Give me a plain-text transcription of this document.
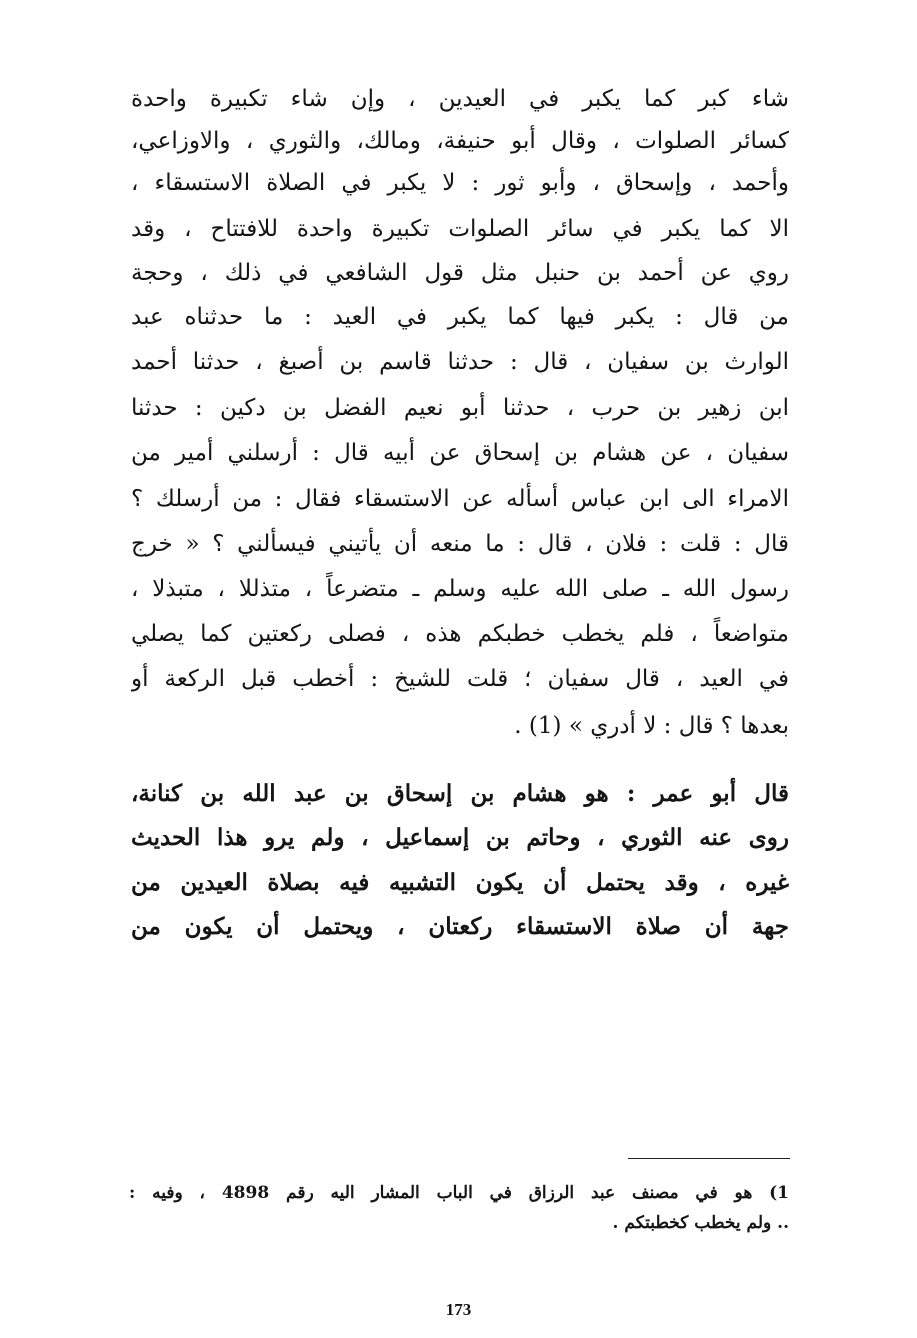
شاء كبر كما يكبر في العيدين ، وإن شاء تكبيرة واحدة
كسائر الصلوات ، وقال أبو حنيفة، ومالك، والثوري ، والاوزاعي،
وأحمد ، وإسحاق ، وأبو ثور : لا يكبر في الصلاة الاستسقاء ،
الا كما يكبر في سائر الصلوات تكبيرة واحدة للافتتاح ، وقد
روي عن أحمد بن حنبل مثل قول الشافعي في ذلك ، وحجة
من قال : يكبر فيها كما يكبر في العيد : ما حدثناه عبد
الوارث بن سفيان ، قال : حدثنا قاسم بن أصبغ ، حدثنا أحمد
ابن زهير بن حرب ، حدثنا أبو نعيم الفضل بن دكين : حدثنا
سفيان ، عن هشام بن إسحاق عن أبيه قال : أرسلني أمير من
الامراء الى ابن عباس أسأله عن الاستسقاء فقال : من أرسلك ؟
قال : قلت : فلان ، قال : ما منعه أن يأتيني فيسألني ؟ « خرج
رسول الله ـ صلى الله عليه وسلم ـ متضرعاً ، متذللا ، متبذلا ،
متواضعاً ، فلم يخطب خطبكم هذه ، فصلى ركعتين كما يصلي
في العيد ، قال سفيان ؛ قلت للشيخ : أخطب قبل الركعة أو
بعدها ؟ قال : لا أدري » (1) .
قال أبو عمر : هو هشام بن إسحاق بن عبد الله بن كنانة،
روى عنه الثوري ، وحاتم بن إسماعيل ، ولم يرو هذا الحديث
غيره ، وقد يحتمل أن يكون التشبيه فيه بصلاة العيدين من
جهة أن صلاة الاستسقاء ركعتان ، ويحتمل أن يكون من
1) هو في مصنف عبد الرزاق في الباب المشار اليه رقم 4898 ، وفيه :
.. ولم يخطب كخطبتكم .
173
